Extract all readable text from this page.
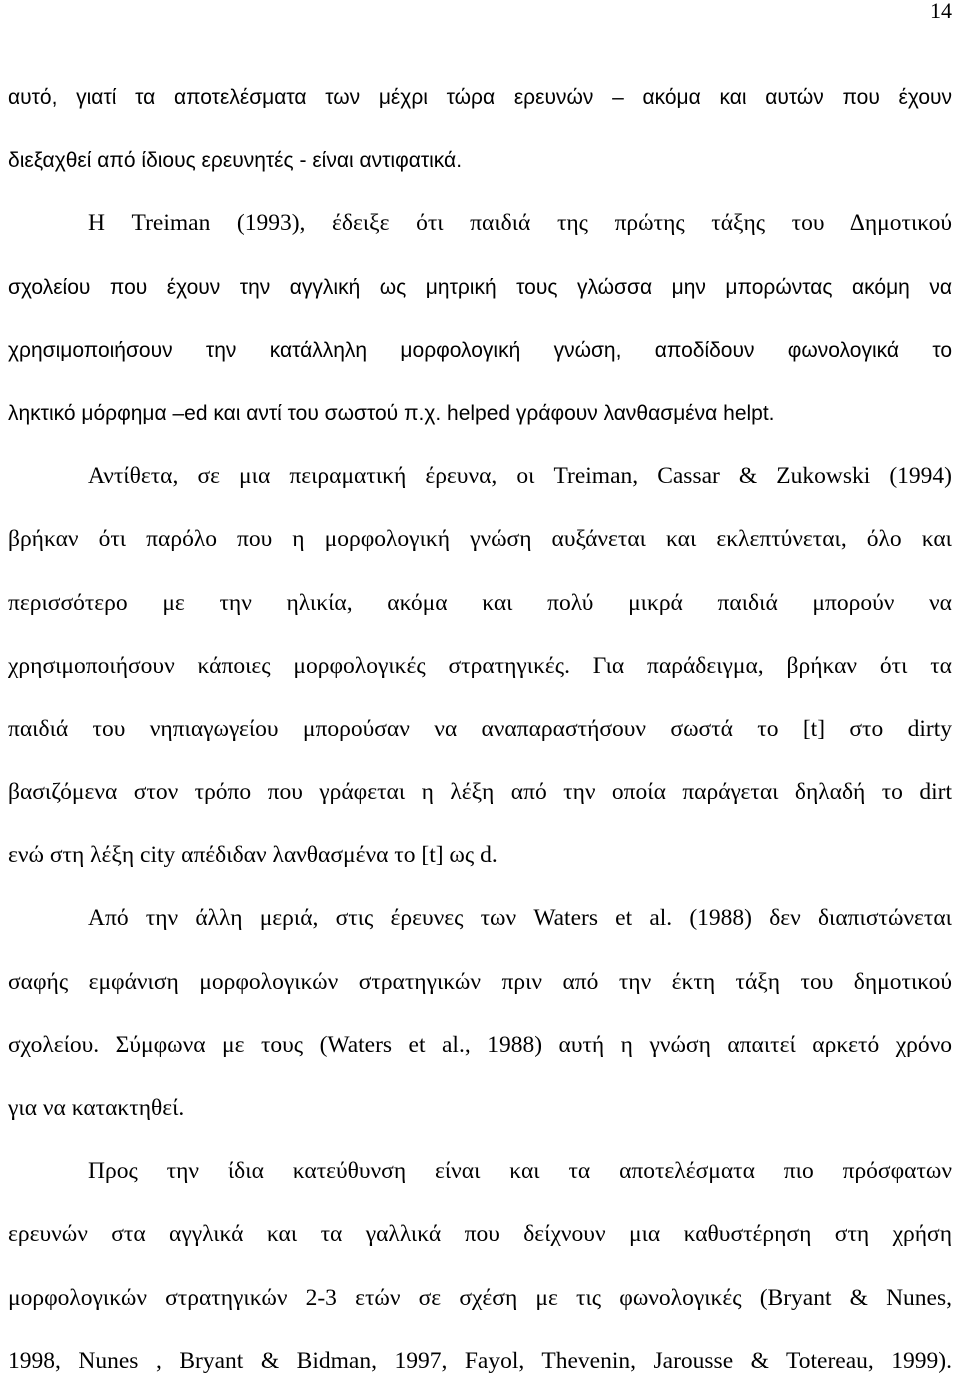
14
αυτό, γιατί τα αποτελέσματα των μέχρι τώρα ερευνών – ακόμα και αυτών που έχουν
διεξαχθεί από ίδιους ερευνητές - είναι αντιφατικά.
Η Treiman (1993), έδειξε ότι παιδιά της πρώτης τάξης του Δημοτικού
σχολείου που έχουν την αγγλική ως μητρική τους γλώσσα μην μπορώντας ακόμη να
χρησιμοποιήσουν την κατάλληλη μορφολογική γνώση, αποδίδουν φωνολογικά το
ληκτικό μόρφημα –ed και αντί του σωστού π.χ. helped γράφουν λανθασμένα helpt.
Αντίθετα, σε μια πειραματική έρευνα, οι Treiman, Cassar & Zukowski (1994)
βρήκαν ότι παρόλο που η μορφολογική γνώση αυξάνεται και εκλεπτύνεται, όλο και
περισσότερο με την ηλικία, ακόμα και πολύ μικρά παιδιά μπορούν να
χρησιμοποιήσουν κάποιες μορφολογικές στρατηγικές. Για παράδειγμα, βρήκαν ότι τα
παιδιά του νηπιαγωγείου μπορούσαν να αναπαραστήσουν σωστά το [t] στο dirty
βασιζόμενα στον τρόπο που γράφεται η λέξη από την οποία παράγεται δηλαδή το dirt
ενώ στη λέξη city απέδιδαν λανθασμένα το [t] ως d.
Από την άλλη μεριά, στις έρευνες των Waters et al. (1988) δεν διαπιστώνεται
σαφής εμφάνιση μορφολογικών στρατηγικών πριν από την έκτη τάξη του δημοτικού
σχολείου. Σύμφωνα με τους (Waters et al., 1988) αυτή η γνώση απαιτεί αρκετό χρόνο
για να κατακτηθεί.
Προς την ίδια κατεύθυνση είναι και τα αποτελέσματα πιο πρόσφατων
ερευνών στα αγγλικά και τα γαλλικά που δείχνουν μια καθυστέρηση στη χρήση
μορφολογικών στρατηγικών 2-3 ετών σε σχέση με τις φωνολογικές (Bryant & Nunes,
1998, Nunes , Bryant & Bidman, 1997, Fayol, Thevenin, Jarousse & Totereau, 1999).
